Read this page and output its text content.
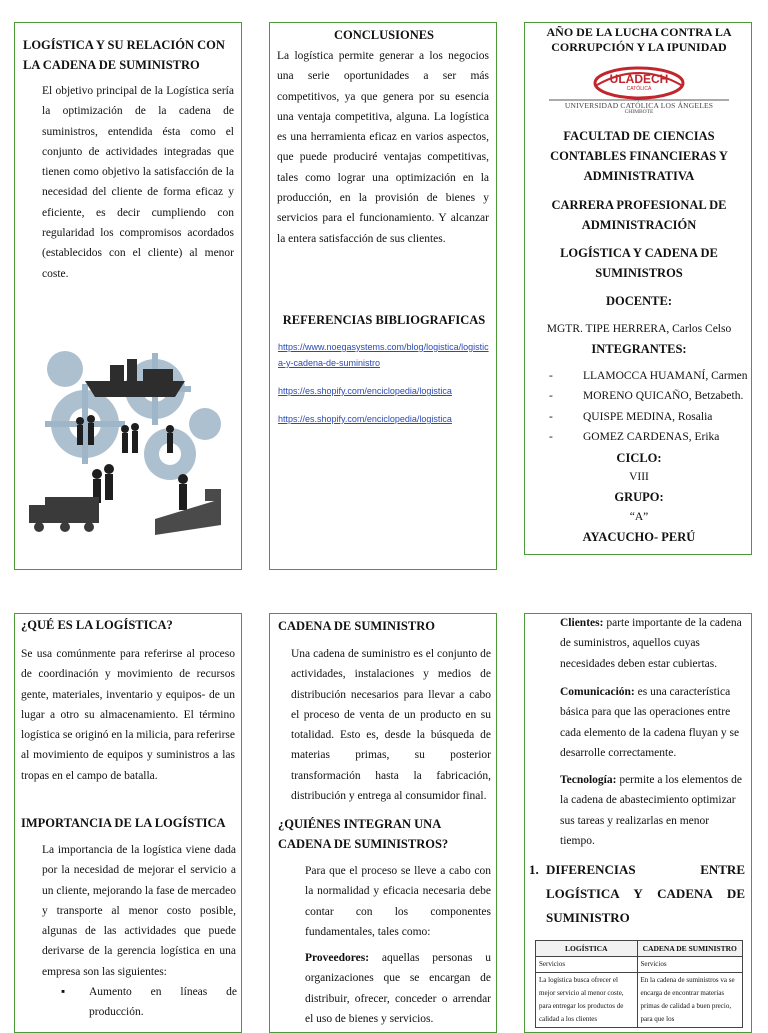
LOGÍSTICA Y SU RELACIÓN CON LA CADENA DE SUMINISTRO

El objetivo principal de la Logística sería la optimización de la cadena de suministros, entendida ésta como el conjunto de actividades integradas que tienen como objetivo la satisfacción de la necesidad del cliente de forma eficaz y eficiente, es decir cumpliendo con regularidad los compromisos acordados (establecidos con el cliente) al menor coste.

CONCLUSIONES

La logística permite generar a los negocios una serie oportunidades a ser más competitivos, ya que genera por su esencia una ventaja competitiva, alguna. La logística es una herramienta eficaz en varios aspectos, que puede produciré ventajas competitivas, tales como lograr una optimización en la producción, en la provisión de bienes y servicios para el funcionamiento. Y alcanzar la entera satisfacción de sus clientes.

REFERENCIAS BIBLIOGRAFICAS
https://www.noegasystems.com/blog/logistica/logistica-y-cadena-de-suministro
https://es.shopify.com/enciclopedia/logistica
https://es.shopify.com/enciclopedia/logistica
AÑO DE LA LUCHA CONTRA LA CORRUPCIÓN Y LA IPUNIDAD
ULADECH
CATÓLICA
UNIVERSIDAD CATÓLICA LOS ÁNGELES
CHIMBOTE
FACULTAD DE CIENCIAS CONTABLES FINANCIERAS Y ADMINISTRATIVA
CARRERA PROFESIONAL DE ADMINISTRACIÓN
LOGÍSTICA Y CADENA DE SUMINISTROS
DOCENTE:
MGTR. TIPE HERRERA, Carlos Celso
INTEGRANTES:
- LLAMOCCA HUAMANÍ, Carmen
- MORENO QUICAÑO, Betzabeth.
- QUISPE MEDINA, Rosalia
- GOMEZ CARDENAS, Erika
CICLO:
VIII
GRUPO:
“A”
AYACUCHO- PERÚ
¿QUÉ ES LA LOGÍSTICA?

Se usa comúnmente para referirse al proceso de coordinación y movimiento de recursos gente, materiales, inventario y equipos- de un lugar a otro su almacenamiento. El término logística se originó en la milicia, para referirse al movimiento de equipos y suministros a las tropas en el campo de batalla.

IMPORTANCIA DE LA LOGÍSTICA

La importancia de la logística viene dada por la necesidad de mejorar el servicio a un cliente, mejorando la fase de mercadeo y transporte al menor costo posible, algunas de las actividades que puede derivarse de la gerencia logística en una empresa son las siguientes:

▪	Aumento en líneas de producción.
CADENA DE SUMINISTRO

Una cadena de suministro es el conjunto de actividades, instalaciones y medios de distribución necesarios para llevar a cabo el proceso de venta de un producto en su totalidad. Esto es, desde la búsqueda de materias primas, su posterior transformación hasta la fabricación, distribución y entrega al consumidor final.

¿QUIÉNES INTEGRAN UNA CADENA DE SUMINISTROS?

Para que el proceso se lleve a cabo con la normalidad y eficacia necesaria debe contar con los componentes fundamentales, tales como:

Proveedores: aquellas personas u organizaciones que se encargan de distribuir, ofrecer, conceder o arrendar el uso de bienes y servicios.

Clientes: parte importante de la cadena de suministros, aquellos cuyas necesidades deben estar cubiertas.

Comunicación: es una característica básica para que las operaciones entre cada elemento de la cadena fluyan y se desarrolle correctamente.

Tecnología: permite a los elementos de la cadena de abastecimiento optimizar sus tareas y realizarlas en menor tiempo.

1. DIFERENCIAS ENTRE LOGÍSTICA Y CADENA DE SUMINISTRO
LOGÍSTICA	CADENA DE SUMINISTRO
Servicios	Servicios
La logística busca ofrecer el mejor servicio al menor coste, para entregar los productos de calidad a los clientes	En la cadena de suministros va se encarga de encontrar materias primas de calidad a buen precio, para que los
